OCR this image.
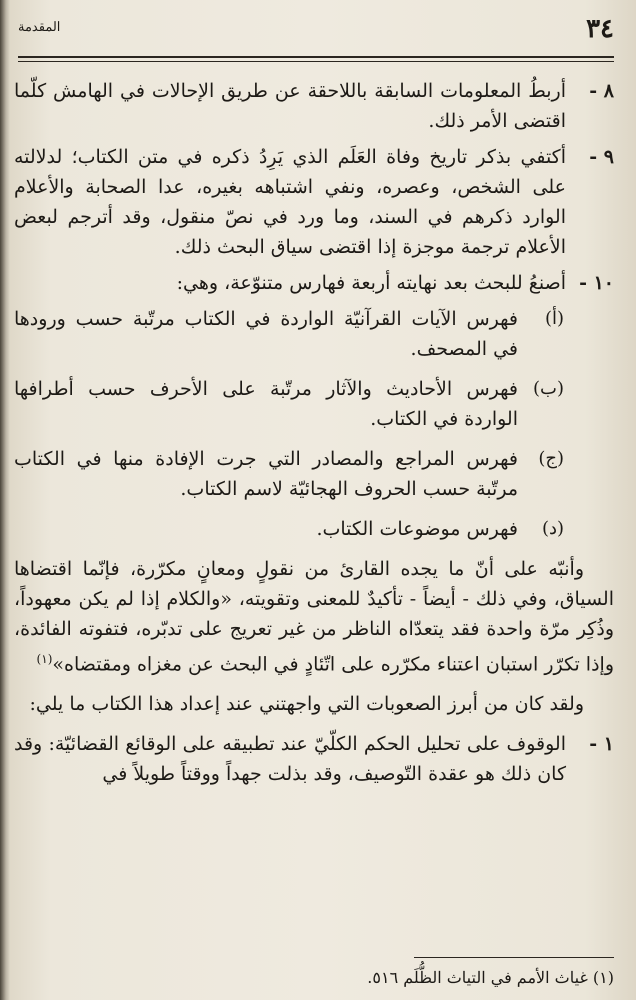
٣٤
المقدمة
٨ -
أربطُ المعلومات السابقة باللاحقة عن طريق الإحالات في الهامش كلّما اقتضى الأمر ذلك.
٩ -
أكتفي بذكر تاريخ وفاة العَلَم الذي يَرِدُ ذكره في متن الكتاب؛ لدلالته على الشخص، وعصره، ونفي اشتباهه بغيره، عدا الصحابة والأعلام الوارد ذكرهم في السند، وما ورد في نصّ منقول، وقد أترجم لبعض الأعلام ترجمة موجزة إذا اقتضى سياق البحث ذلك.
١٠ -
أصنعُ للبحث بعد نهايته أربعة فهارس متنوّعة، وهي:
(أ)
فهرس الآيات القرآنيّة الواردة في الكتاب مرتّبة حسب ورودها في المصحف.
(ب)
فهرس الأحاديث والآثار مرتّبة على الأحرف حسب أطرافها الواردة في الكتاب.
(ج)
فهرس المراجع والمصادر التي جرت الإفادة منها في الكتاب مرتّبة حسب الحروف الهجائيّة لاسم الكتاب.
(د)
فهرس موضوعات الكتاب.
وأنبّه على أنّ ما يجده القارئ من نقولٍ ومعانٍ مكرّرة، فإنّما اقتضاها السياق، وفي ذلك - أيضاً - تأكيدٌ للمعنى وتقويته، «والكلام إذا لم يكن معهوداً، وذُكِر مرّة واحدة فقد يتعدّاه الناظر من غير تعريج على تدبّره، فتفوته الفائدة، وإذا تكرّر استبان اعتناء مكرّره على اتّئادٍ في البحث عن مغزاه ومقتضاه»$^{(١)}$
ولقد كان من أبرز الصعوبات التي واجهتني عند إعداد هذا الكتاب ما يلي:
١ -
الوقوف على تحليل الحكم الكلّيّ عند تطبيقه على الوقائع القضائيّة: وقد كان ذلك هو عقدة التّوصيف، وقد بذلت جهداً ووقتاً طويلاً في
(١) غياث الأمم في التياث الظُّلَم ٥١٦.
